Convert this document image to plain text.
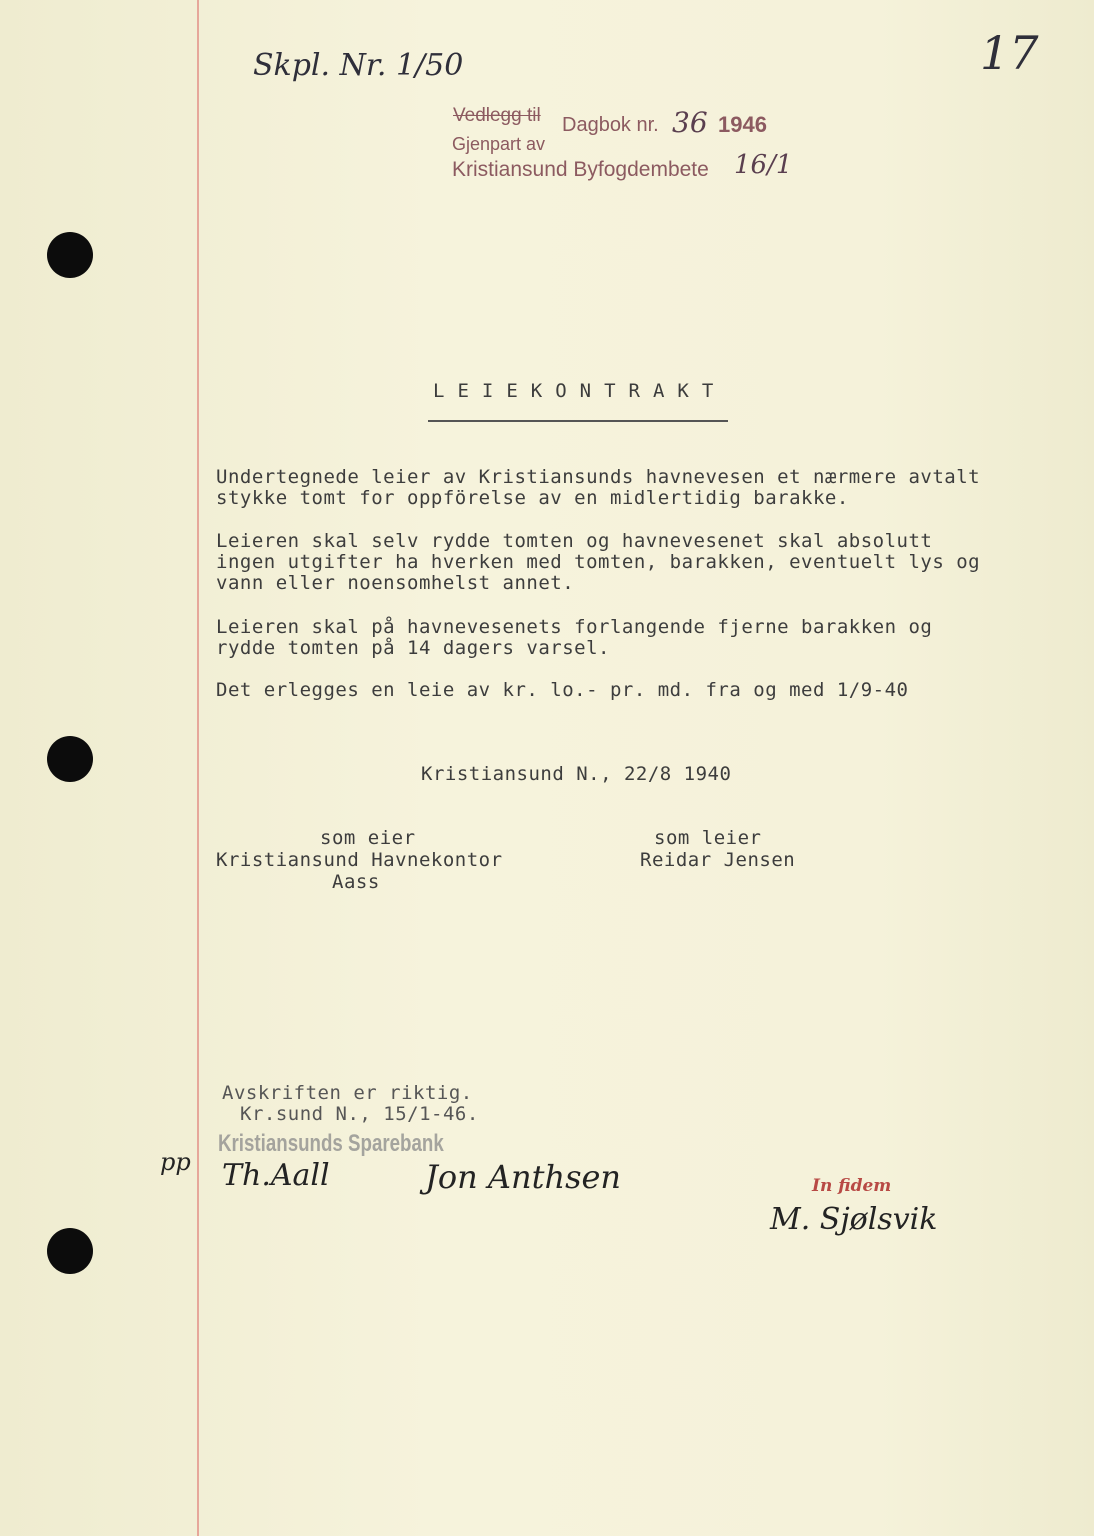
Skpl. Nr. 1/50	17
Vedlegg til Dagbok nr. 36 1946
Gjenpart av
Kristiansund Byfogdembete 16/1
LEIEKONTRAKT
Undertegnede leier av Kristiansunds havnevesen et nærmere avtalt
stykke tomt for oppförelse av en midlertidig barakke.
Leieren skal selv rydde tomten og havnevesenet skal absolutt
ingen utgifter ha hverken med tomten, barakken, eventuelt lys og
vann eller noensomhelst annet.
Leieren skal på havnevesenets forlangende fjerne barakken og
rydde tomten på 14 dagers varsel.
Det erlegges en leie av kr. lo.- pr. md. fra og med 1/9-40
Kristiansund N., 22/8 1940
som eier
Kristiansund Havnekontor
Aass
som leier
Reidar Jensen
Avskriften er riktig.
Kr.sund N., 15/1-46.
Kristiansunds Sparebank
pp Th.Aall	Jon Anthsen	In fidem
M. Sjølsvik
